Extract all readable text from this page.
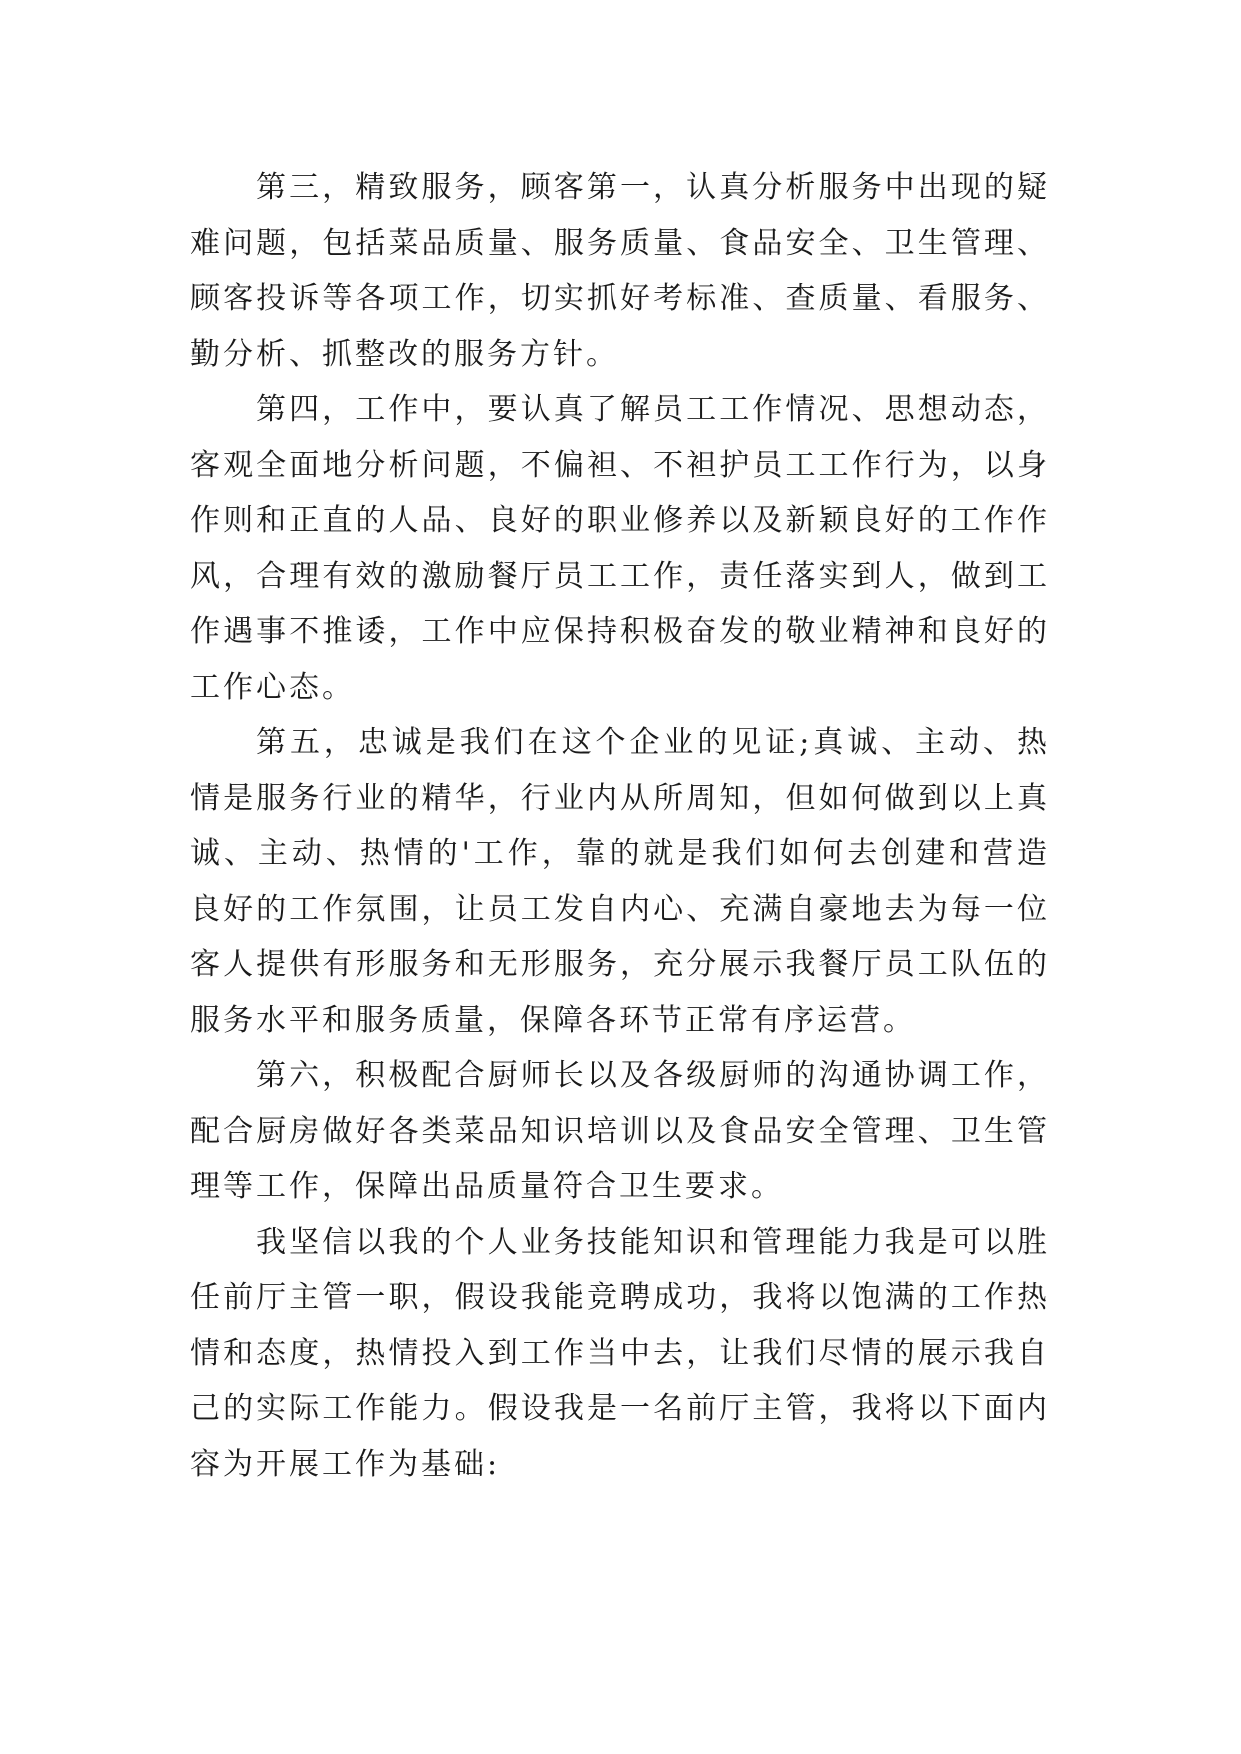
第三，精致服务，顾客第一，认真分析服务中出现的疑难问题，包括菜品质量、服务质量、食品安全、卫生管理、顾客投诉等各项工作，切实抓好考标准、查质量、看服务、勤分析、抓整改的服务方针。

第四，工作中，要认真了解员工工作情况、思想动态，客观全面地分析问题，不偏袒、不袒护员工工作行为，以身作则和正直的人品、良好的职业修养以及新颖良好的工作作风，合理有效的激励餐厅员工工作，责任落实到人，做到工作遇事不推诿，工作中应保持积极奋发的敬业精神和良好的工作心态。

第五，忠诚是我们在这个企业的见证;真诚、主动、热情是服务行业的精华，行业内从所周知，但如何做到以上真诚、主动、热情的'工作，靠的就是我们如何去创建和营造良好的工作氛围，让员工发自内心、充满自豪地去为每一位客人提供有形服务和无形服务，充分展示我餐厅员工队伍的服务水平和服务质量，保障各环节正常有序运营。

第六，积极配合厨师长以及各级厨师的沟通协调工作，配合厨房做好各类菜品知识培训以及食品安全管理、卫生管理等工作，保障出品质量符合卫生要求。

我坚信以我的个人业务技能知识和管理能力我是可以胜任前厅主管一职，假设我能竞聘成功，我将以饱满的工作热情和态度，热情投入到工作当中去，让我们尽情的展示我自己的实际工作能力。假设我是一名前厅主管，我将以下面内容为开展工作为基础:
